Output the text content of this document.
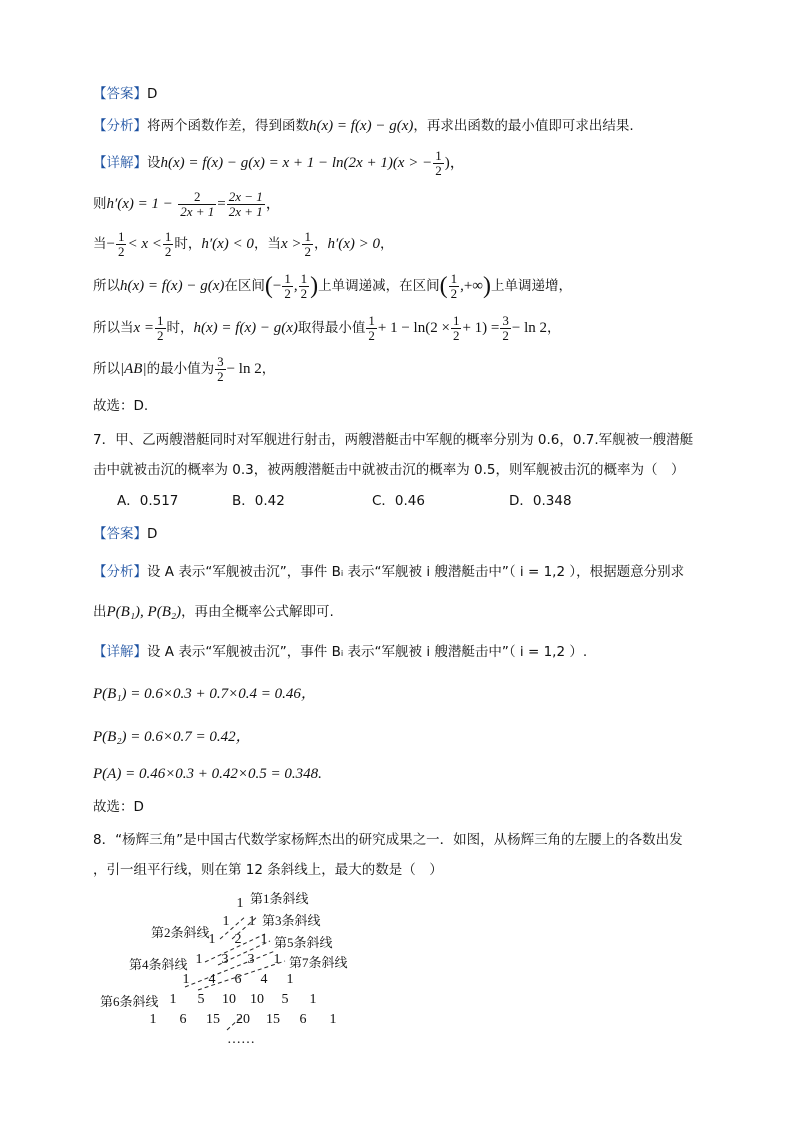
【答案】D
【分析】将两个函数作差，得到函数h(x) = f(x) − g(x)，再求出函数的最小值即可求出结果.
【详解】设h(x) = f(x) − g(x) = x + 1 − ln(2x + 1)(x > − $\frac{1}{2}$ )，
则$h'(x) = 1 - \frac{2}{2x + 1} = \frac{2x - 1}{2x + 1}$ ，
当− $\frac{1}{2} < x < \frac{1}{2}$ 时，h′(x) < 0，当$x > \frac{1}{2}$ ，h′(x) > 0，
所以h(x) = f(x) − g(x)在区间(− $\frac{1}{2}$ , $\frac{1}{2}$ )上单调递减，在区间( $\frac{1}{2}$ ,+∞)上单调递增，
所以当$x = \frac{1}{2}$ 时，h(x) = f(x) − g(x)取得最小值 $\frac{1}{2} + 1 - \ln(2 \times \frac{1}{2} + 1) = \frac{3}{2} - \ln 2$，
所以|AB|的最小值为 $\frac{3}{2} - \ln 2$，
故选：D.
7．甲、乙两艘潜艇同时对军舰进行射击，两艘潜艇击中军舰的概率分别为 0.6，0.7.军舰被一艘潜艇
击中就被击沉的概率为 0.3，被两艘潜艇击中就被击沉的概率为 0.5，则军舰被击沉的概率为（　）
A．0.517	B．0.42	C．0.46	D．0.348
【答案】D
【分析】设 A 表示“军舰被击沉”，事件 Bᵢ 表示“军舰被 i 艘潜艇击中”（ i = 1,2 ），根据题意分别求
出P(B₁), P(B₂)，再由全概率公式解即可.
【详解】设 A 表示“军舰被击沉”，事件 Bᵢ 表示“军舰被 i 艘潜艇击中”（ i = 1,2 ）.
P(B₁) = 0.6×0.3 + 0.7×0.4 = 0.46，
P(B₂) = 0.6×0.7 = 0.42，
P(A) = 0.46×0.3 + 0.42×0.5 = 0.348.
故选：D
8．“杨辉三角”是中国古代数学家杨辉杰出的研究成果之一．如图，从杨辉三角的左腰上的各数出发
，引一组平行线，则在第 12 条斜线上，最大的数是（　）
1
1 1
1 2 1
1 3 3 1
1 4 6 4 1
1 5 10 10 5 1
1 6 15 20 15 6 1
……
第1条斜线
第2条斜线
第3条斜线
第4条斜线
第5条斜线
第6条斜线
第7条斜线
